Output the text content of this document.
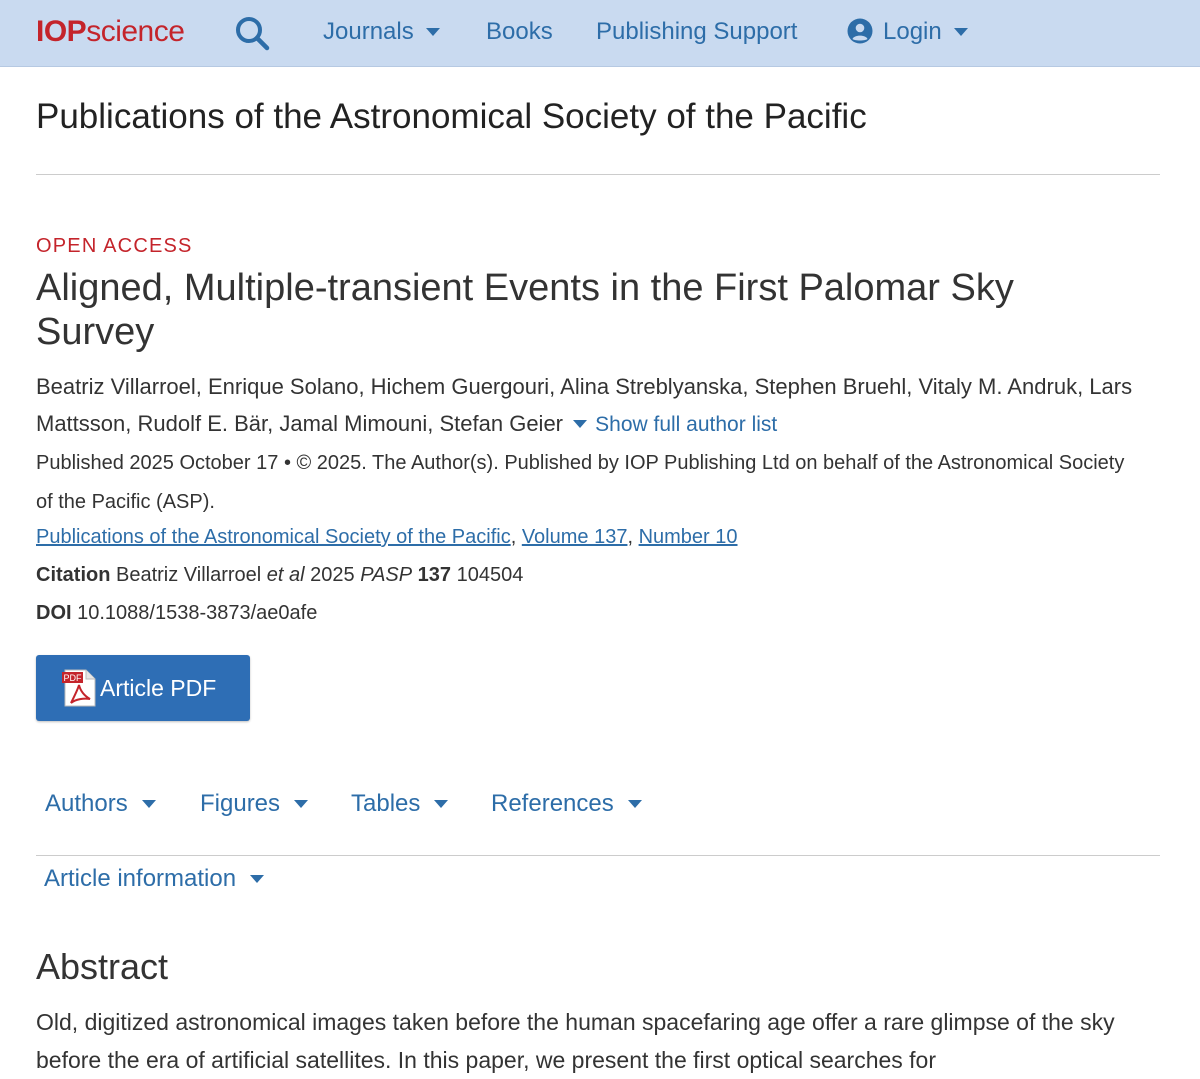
IOPscience	Journals	Books Publishing Support	Login
Publications of the Astronomical Society of the Pacific
OPEN ACCESS
Aligned, Multiple-transient Events in the First Palomar Sky Survey
Beatriz Villarroel, Enrique Solano, Hichem Guergouri, Alina Streblyanska, Stephen Bruehl, Vitaly M. Andruk, Lars Mattsson, Rudolf E. Bär, Jamal Mimouni, Stefan Geier Show full author list
Published 2025 October 17 • © 2025. The Author(s). Published by IOP Publishing Ltd on behalf of the Astronomical Society of the Pacific (ASP).
Publications of the Astronomical Society of the Pacific, Volume 137, Number 10
Citation Beatriz Villarroel et al 2025 PASP 137 104504
DOI 10.1088/1538-3873/ae0afe
PDF Article PDF
Authors	Figures	Tables	References
Article information
Abstract

Old, digitized astronomical images taken before the human spacefaring age offer a rare glimpse of the sky before the era of artificial satellites. In this paper, we present the first optical searches for
